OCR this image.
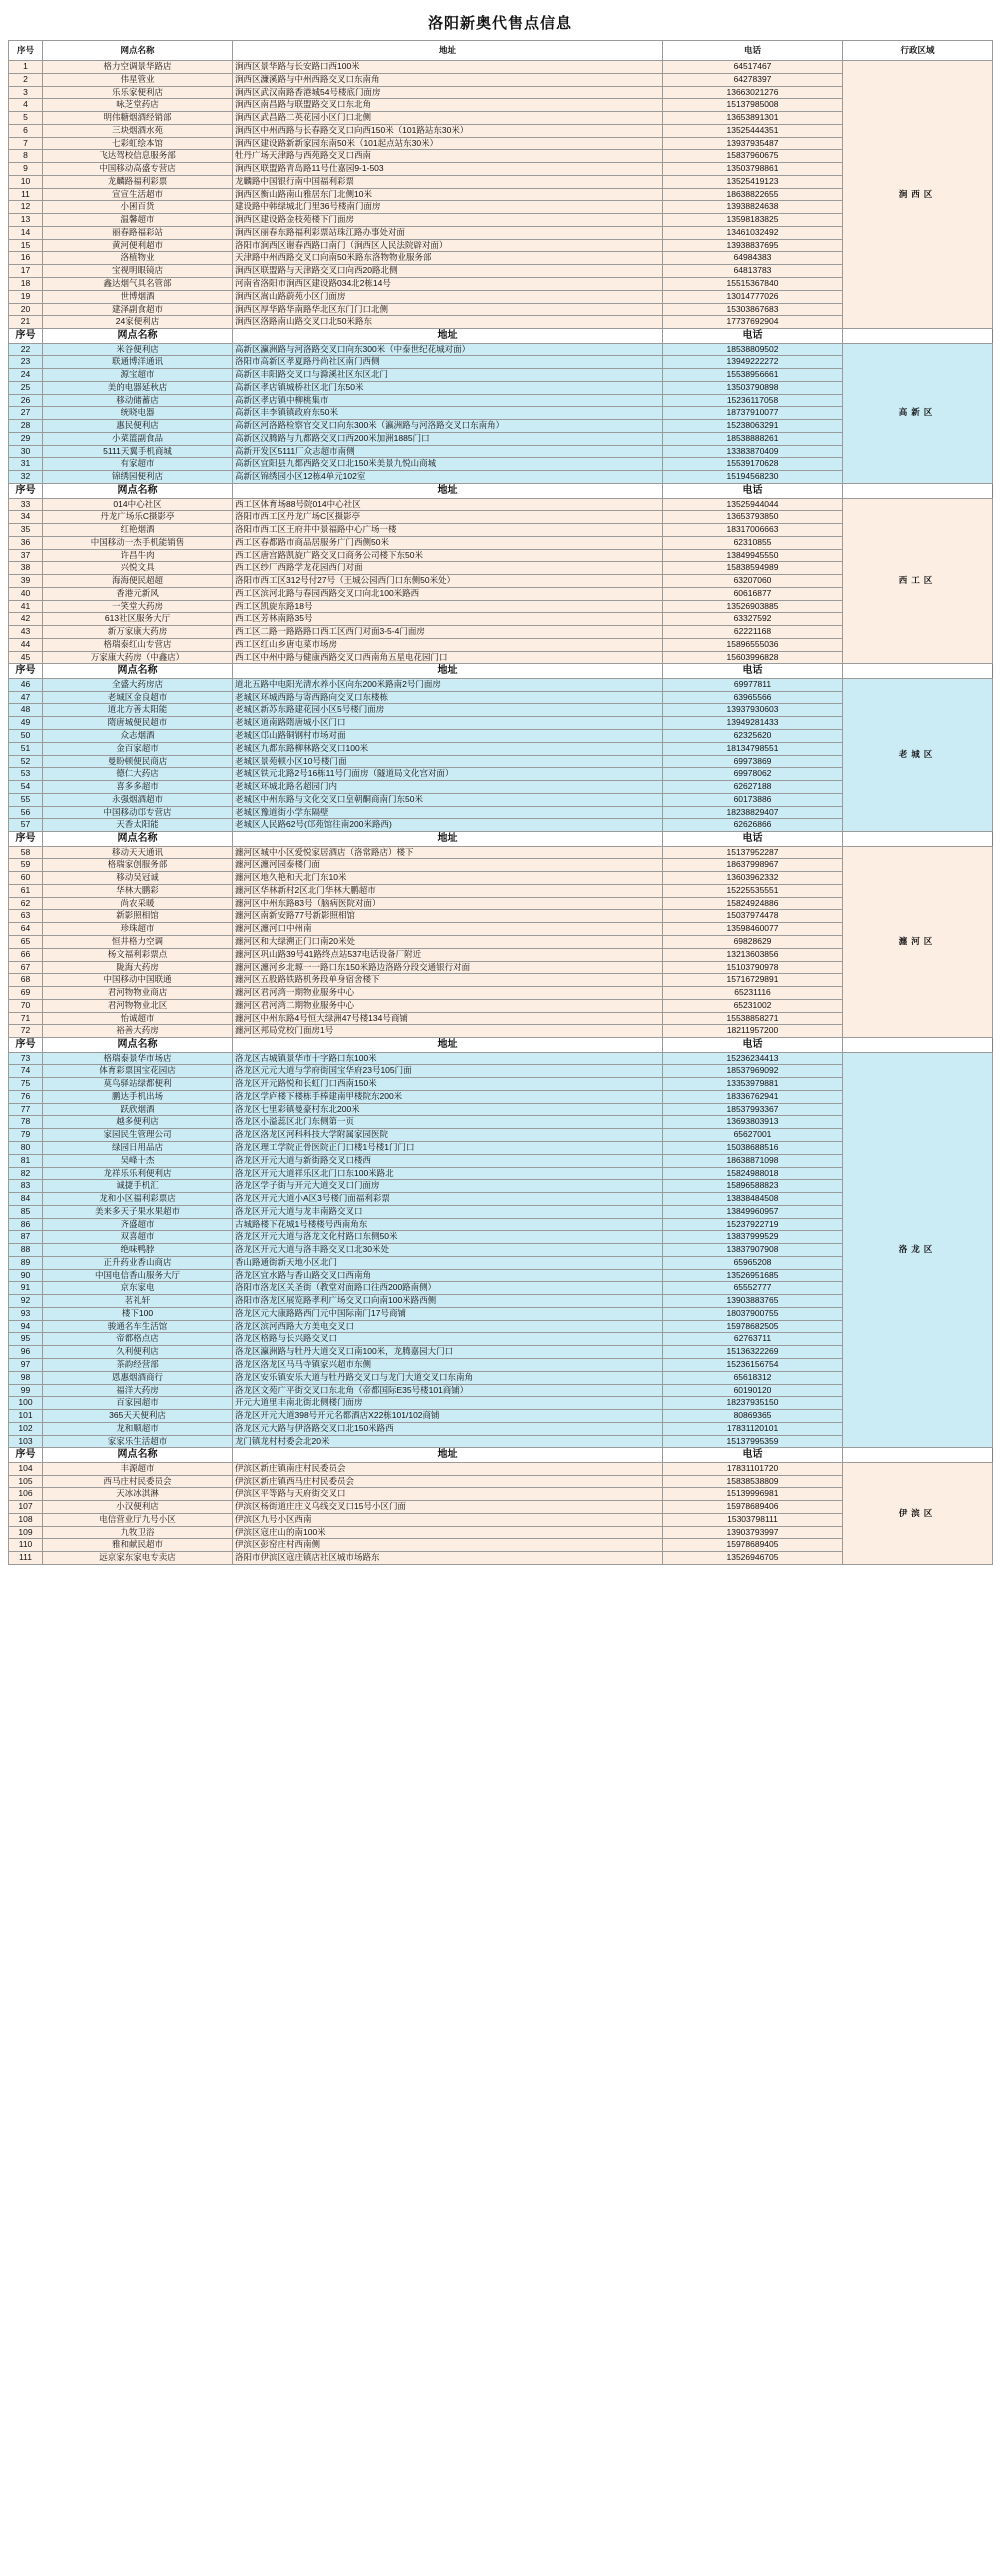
洛阳新奥代售点信息
序号	网点名称	地址	电话	行政区域
1	格力空调景华路店	涧西区景华路与长安路口西100米	64517467	涧西区
2	伟星管业	涧西区濂溪路与中州西路交叉口东南角	64278397	
3	乐乐家便利店	涧西区武汉南路香港城54号楼底门面房	13663021276	
4	咏芝堂药店	涧西区南昌路与联盟路交叉口东北角	15137985008	
5	明伟糖烟酒经销部	涧西区武昌路二英花园小区门口北侧	13653891301	
6	三块烟酒水苑	涧西区中州西路与长春路交叉口向西150米（101路站东30米）	13525444351	
7	七彩虹绘本馆	涧西区建设路新新家园东南50米（101起点站东30米）	13937935487	
8	飞达驾校信息服务部	牡丹广场天津路与西苑路交叉口西南	15837960675	
9	中国移动高盛专营店	涧西区联盟路青岛路11号仕嘉园9-1-503	13503798861	
10	龙麟路福利彩票	龙麟路中国银行南中国福利彩票	13525419123	
11	宣宣生活超市	涧西区衡山路南山雅居东门北侧10米	18638822655	
12	小囷百货	建设路中韩绿城北门里36号楼南门面房	13938824638	
13	温馨超市	涧西区建设路金枝苑楼下门面房	13598183825	
14	丽春路福彩站	涧西区丽春东路福利彩票站珠江路办事处对面	13461032492	
15	黄河便利超市	洛阳市涧西区谢春西路口南门（涧西区人民法院辟对面）	13938837695	
16	洛植物业	天津路中州西路交叉口向南50米路东洛物物业服务部	64984383	
17	宝视明眼镜店	涧西区联盟路与天津路交叉口向西20路北侧	64813783	
18	鑫达烟气具名管部	河南省洛阳市涧西区建设路034北2栋14号	15515367840	
19	世博烟酒	涧西区嵩山路蔚苑小区门面房	13014777026	
20	建泽副食超市	涧西区厚华路华南路华北区东门门口北侧	15303867683	
21	24家便利店	涧西区洛路南山路交叉口北50米路东	17737692904	
序号	网点名称	地址	电话	
22	米谷便利店	高新区瀛洲路与河洛路交叉口向东300米（中泰世纪花城对面）	18538809502	高新区
23	联通博洋通讯	洛阳市高新区孝夏路丹尚社区南门西侧	13949222272	
24	源宝超市	高新区丰阳路交叉口与滁溪社区东区北门	15538956661	
25	美的电器延秋店	高新区孝店镇城桥社区北门东50米	13503790898	
26	移动储蓄店	高新区孝店镇中柳桃集市	15236117058	
27	统晓电器	高新区丰李镇镇政府东50米	18737910077	
28	惠民便利店	高新区河洛路检察官交叉口向东300米（瀛洲路与河洛路交叉口东南角）	15238063291	
29	小菜篮副食品	高新区汉腾路与九都路交叉口西200米加洲1885门口	18538888261	
30	5111天翼手机商城	高新开发区5111厂众志超市南侧	13383870409	
31	有家超市	高新区宜阳县九都西路交叉口北150米美景九悦山商城	15539170628	
32	锦绣园便利店	高新区锦绣园小区12栋4单元102室	15194568230	
序号	网点名称	地址	电话	
33	014中心社区	西工区体育场88号院014中心社区	13525944044	西工区
34	丹龙广场乐C摄影亭	洛阳市西工区丹龙广场C区摄影亭	13653793850	
35	红艳烟酒	洛阳市西工区王府井中景福路中心广场一楼	18317006663	
36	中国移动一杰手机能销售	西工区春都路市商品居服务广门西侧50米	62310855	
37	许昌牛肉	西工区唐宫路凯旋广路交叉口商务公司楼下东50米	13849945550	
38	兴悦文具	西工区纱厂西路学龙花园西门对面	15838594989	
39	海海便民超超	洛阳市西工区312号付27号（王城公园西门口东侧50米处）	63207060	
40	香港元新风	西工区滨河北路与春园西路交叉口向北100米路西	60616877	
41	一笑堂大药房	西工区凯旋东路18号	13526903885	
42	613社区服务大厅	西工区芳林南路35号	63327592	
43	新万家康大药房	西工区二路一路路路口西工区西门对面3-5-4门面房	62221168	
44	格瑞泰红山专营店	西工区红山乡唐屯菜市场房	15896555036	
45	万家康大药房（中鑫店）	西工区中州中路与健康西路交叉口西南角五星电花园门口	15603996828	
序号	网点名称	地址	电话	
46	全盛大药房店	道北五路中电阳光清水养小区向东200米路南2号门面房	69977811	老城区
47	老城区金良超市	老城区环城西路与寄西路向交叉口东楼栋	63965566	
48	道北方善太阳能	老城区新苏东路建花园小区5号楼门面房	13937930603	
49	隋唐城便民超市	老城区道南路隋唐城小区门口	13949281433	
50	众志烟酒	老城区邙山路铜钢村市场对面	62325620	
51	金百家超市	老城区九都东路柳林路交叉口100米	18134798551	
52	曼盼顿便民商店	老城区景苑顿小区10号楼门面	69973869	
53	德仁大药店	老城区铁元北路2号16栋11号门面房（隧道局文化宫对面）	69978062	
54	喜多多超市	老城区环城北路名超园门内	62627188	
55	永强烟酒超市	老城区中州东路与文化交叉口皇朝酮商南门东50米	60173886	
56	中国移动邙专营店	老城区豫道街小学东隔壁	18238829407	
57	天香太阳能	老城区人民路62号(邙苑馆往南200米路西)	62626866	
序号	网点名称	地址	电话	
58	移动天天通讯	瀍河区城中小区爱悦家居酒店（洛常路店）楼下	15137952287	瀍河区
59	格瑞家创服务部	瀍河区瀍河园泰楼门面	18637998967	
60	移动吴冠诚	瀍河区地久艳和天北门东10米	13603962332	
61	华林大鹏彩	瀍河区华林新村2区北门华林大鹏超市	15225535551	
62	尚农采暖	瀍河区中州东路83号（脑病医院对面）	15824924886	
63	新影照相馆	瀍河区南新安路77号新影照相馆	15037974478	
64	珍珠超市	瀍河区瀍河口中州南	13598460077	
65	恒井格力空调	瀍河区和大绿溯正门口南20米处	69828629	
66	杨文福利彩票点	瀍河区巩山路39号41路终点站537电话设备厂附近	13213603856	
67	陇海大药房	瀍河区瀍河乡北塬一一路口东150米路边洛路分段交通银行对面	15103790978	
68	中国移动中国联通	瀍河区五股路铁路机务段单身宿舍楼下	15716729891	
69	君河物物业商店	瀍河区君河湾一期物业服务中心	65231116	
70	君河物物业北区	瀍河区君河湾二期物业服务中心	65231002	
71	怡诚超市	瀍河区中州东路4号恒大绿洲47号楼134号商铺	15538858271	
72	裕善大药房	瀍河区邦局党校门面房1号	18211957200	
序号	网点名称	地址	电话	
73	格瑞泰景华市场店	洛龙区古城镇景华市十字路口东100米	15236234413	洛龙区
74	体育彩票国宝花园店	洛龙区元元大道与学府街国宝华府23号105门面	18537969092	
75	莫鸟驿站绿都便利	洛龙区开元路悦和长虹门口西南150米	13353979881	
76	鹏达手机出场	洛龙区学庐楼下楼栋手棒建南甲楼院东200米	18336762941	
77	跃欣烟酒	洛龙区七里彩镇曼豪村东北200米	18537993367	
78	越多便利店	洛龙区小溢蕊区北门东侧第一页	13693803913	
79	家园民生管理公司	洛龙区洛龙区河科科技大学附属家园医院	65627001	
80	绿园日用品店	洛龙区理工学院正骨医院正门口楼1号楼1门门口	15038688516	
81	吴峰十杰	洛龙区开元大道与新街路交叉口楼西	18638871098	
82	龙祥乐乐利便利店	洛龙区开元大道祥乐区北门口东100米路北	15824988018	
83	诚捷手机汇	洛龙区学子街与开元大道交叉口门面房	15896588823	
84	龙和小区福利彩票店	洛龙区开元大道小A区3号楼门面福利彩票	13838484508	
85	美来多天子果水果超市	洛龙区开元大道与龙丰南路交叉口	13849960957	
86	齐盛超市	古城路楼下花城1号楼楼号西南角东	15237922719	
87	双喜超市	洛龙区开元大道与洛龙文化村路口东侧50米	13837999529	
88	绝味鸭脖	洛龙区开元大道与洛丰路交叉口北30米处	13837907908	
89	正升药业香山商店	香山路通街新天地小区北门	65965208	
90	中国电信香山服务大厅	洛龙区宜水路与香山路交叉口西南角	13526951685	
91	京东家电	洛阳市洛龙区关圣街（教堂对面路口往西200路南侧）	65552777	
92	茗礼轩	洛阳市洛龙区展览路孝利广场交叉口向南100米路西侧	13903883765	
93	楼下100	洛龙区元大康路路西门元中国际南门17号商铺	18037900755	
94	骏通名车生活馆	洛龙区滨河西路大方美电交叉口	15978682505	
95	帝都格点店	洛龙区格路与长兴路交叉口	62763711	
96	久利便利店	洛龙区瀛洲路与牡丹大道交叉口南100米，龙腾嘉园大门口	15136322269	
97	茶韵经营部	洛龙区洛龙区马马寺镇家兴超市东侧	15236156754	
98	恩惠烟酒商行	洛龙区安乐镇安乐大道与牡丹路交叉口与龙门大道交叉口东南角	65618312	
99	福洋大药房	洛龙区文苑广平街交叉口东北角（帝都国际E35号楼101商铺）	60190120	
100	百家园超市	开元大道里丰南北街北侧楼门面房	18237935150	
101	365天天便利店	洛龙区开元大道398号开元名都酒店X22栋101/102商铺	80869365	
102	龙和顺超市	洛龙区元大路与伊洛路交叉口北150米路西	17831120101	
103	家家乐生活超市	龙门镇龙村村委会北20米	15137995359	
序号	网点名称	地址	电话	
104	丰源超市	伊滨区新庄镇南庄村民委员会	17831101720	伊滨区
105	西马庄村民委员会	伊滨区新庄镇西马庄村民委员会	15838538809	
106	天冰冰淇淋	伊滨区平等路与天府街交叉口	15139996981	
107	小汉便利店	伊滨区杨街道庄庄义乌线交叉口15号小区门面	15978689406	
108	电信营业厅九号小区	伊滨区九号小区西南	15303798111	
109	九牧卫浴	伊滨区寇庄山的南100米	13903793997	
110	雅和献民超市	伊滨区彭窑庄村西南侧	15978689405	
111	远京家东家电专卖店	洛阳市伊滨区寇庄镇店社区城市场路东	13526946705	
